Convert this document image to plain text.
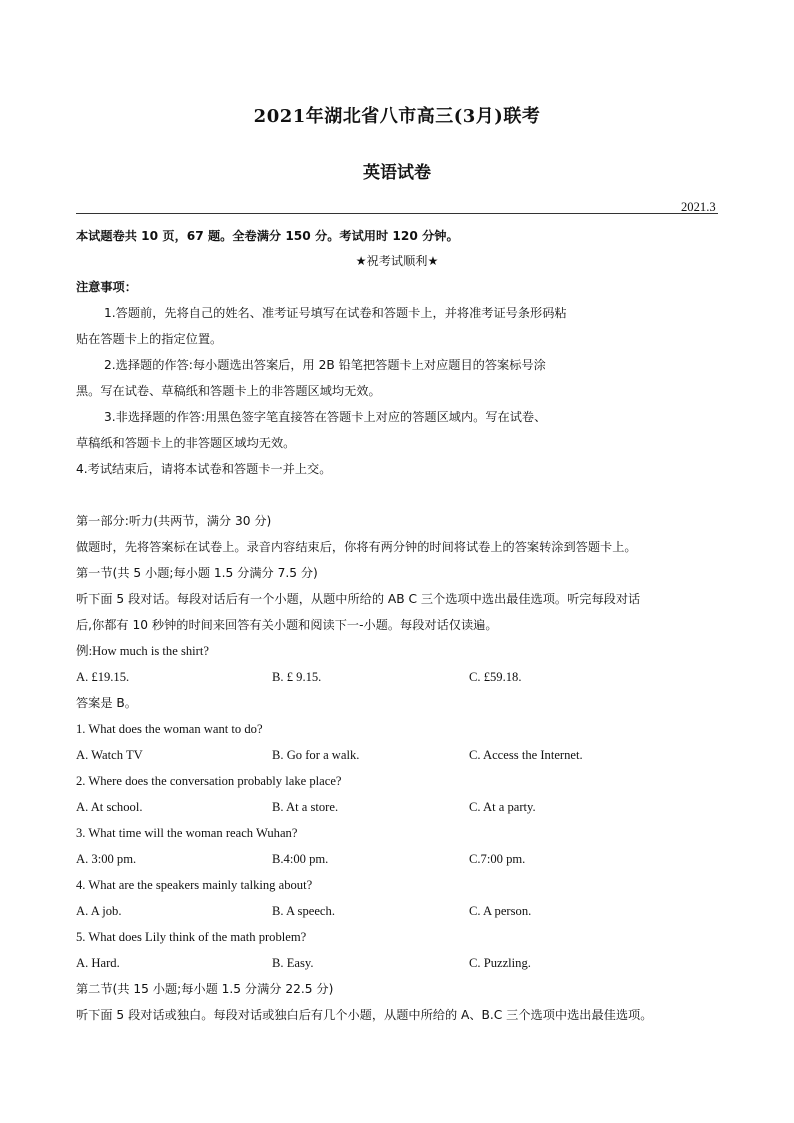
2021年湖北省八市高三(3月)联考
英语试卷
2021.3
本试题卷共 10 页，67 题。全卷满分 150 分。考试用时 120 分钟。
★祝考试顺利★
注意事项：
1.答题前，先将自己的姓名、准考证号填写在试卷和答题卡上，并将准考证号条形码粘
贴在答题卡上的指定位置。
2.选择题的作答:每小题选出答案后，用 2B 铅笔把答题卡上对应题目的答案标号涂
黑。写在试卷、草稿纸和答题卡上的非答题区域均无效。
3.非选择题的作答:用黑色签字笔直接答在答题卡上对应的答题区域内。写在试卷、
草稿纸和答题卡上的非答题区域均无效。
4.考试结束后，请将本试卷和答题卡一并上交。
第一部分:听力(共两节，满分 30 分)
做题时，先将答案标在试卷上。录音内容结束后，你将有两分钟的时间将试卷上的答案转涂到答题卡上。
第一节(共 5 小题;每小题 1.5 分满分 7.5 分)
听下面 5 段对话。每段对话后有一个小题，从题中所给的 AB C 三个选项中选出最佳选项。听完每段对话
后,你都有 10 秒钟的时间来回答有关小题和阅读下一-小题。每段对话仅读遍。
例:How much is the shirt?
A. £19.15.	B. £ 9.15.	C. £59.18.
答案是 B。
1. What does the woman want to do?
A. Watch TV	B. Go for a walk.	C. Access the Internet.
2. Where does the conversation probably lake place?
A. At school.	B. At a store.	C. At a party.
3. What time will the woman reach Wuhan?
A. 3:00 pm.	B.4:00 pm.	C.7:00 pm.
4. What are the speakers mainly talking about?
A. A job.	B. A speech.	C. A person.
5. What does Lily think of the math problem?
A. Hard.	B. Easy.	C. Puzzling.
第二节(共 15 小题;每小题 1.5 分满分 22.5 分)
听下面 5 段对话或独白。每段对话或独白后有几个小题，从题中所给的 A、B.C 三个选项中选出最佳选项。
